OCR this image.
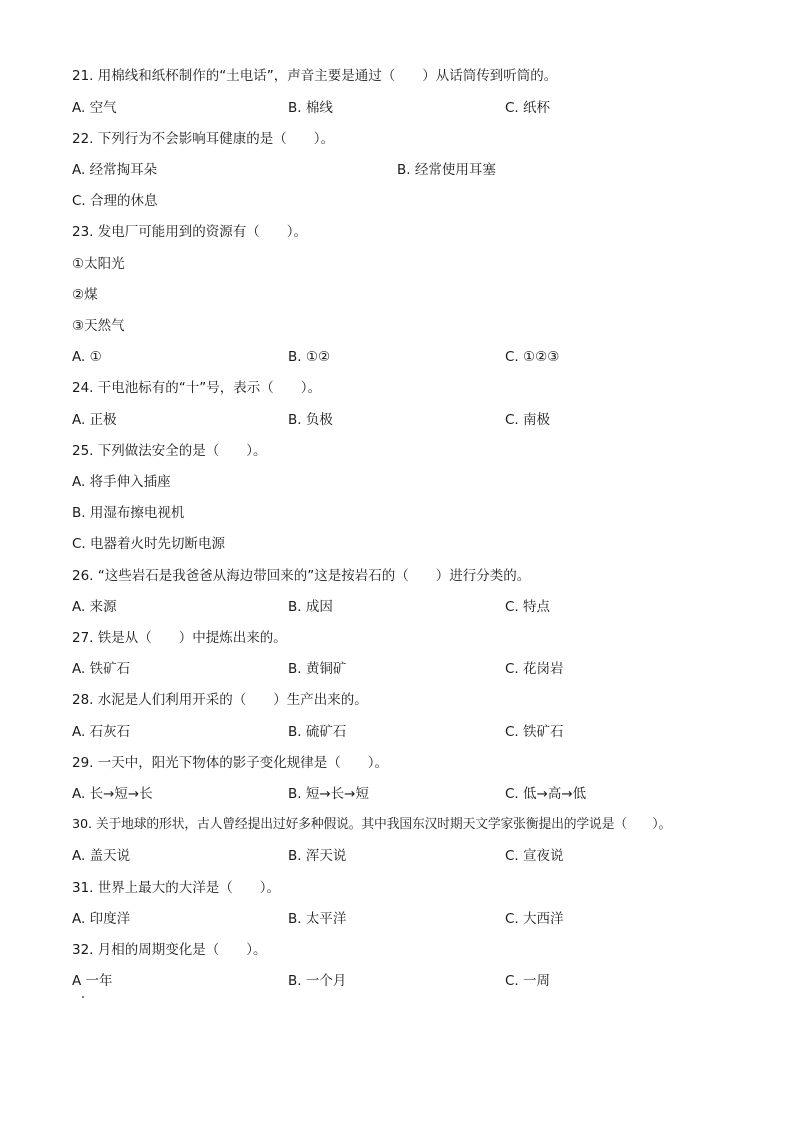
21. 用棉线和纸杯制作的“土电话”，声音主要是通过（　　）从话筒传到听筒的。
A. 空气	B. 棉线	C. 纸杯
22. 下列行为不会影响耳健康的是（　　）。
A. 经常掏耳朵	B. 经常使用耳塞
C. 合理的休息
23. 发电厂可能用到的资源有（　　）。
①太阳光
②煤
③天然气
A. ①	B. ①②	C. ①②③
24. 干电池标有的“十”号，表示（　　）。
A. 正极	B. 负极	C. 南极
25. 下列做法安全的是（　　）。
A. 将手伸入插座
B. 用湿布擦电视机
C. 电器着火时先切断电源
26. “这些岩石是我爸爸从海边带回来的”这是按岩石的（　　）进行分类的。
A. 来源	B. 成因	C. 特点
27. 铁是从（　　）中提炼出来的。
A. 铁矿石	B. 黄铜矿	C. 花岗岩
28. 水泥是人们利用开采的（　　）生产出来的。
A. 石灰石	B. 硫矿石	C. 铁矿石
29. 一天中，阳光下物体的影子变化规律是（　　）。
A. 长→短→长	B. 短→长→短	C. 低→高→低
30. 关于地球的形状，古人曾经提出过好多种假说。其中我国东汉时期天文学家张衡提出的学说是（　　）。
A. 盖天说	B. 浑天说	C. 宣夜说
31. 世界上最大的大洋是（　　）。
A. 印度洋	B. 太平洋	C. 大西洋
32. 月相的周期变化是（　　）。
A 一年	B. 一个月	C. 一周
